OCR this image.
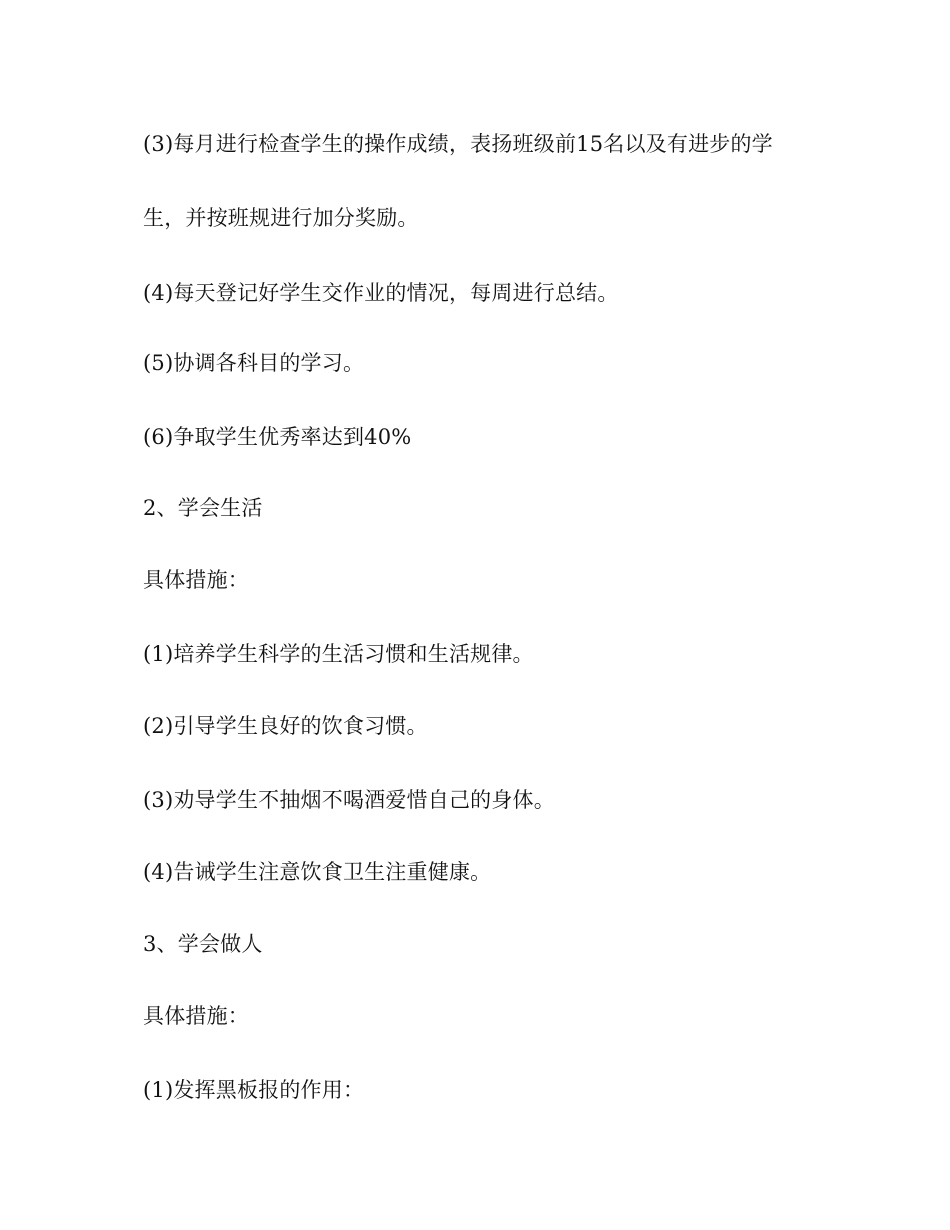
(3)每月进行检查学生的操作成绩，表扬班级前15名以及有进步的学
生，并按班规进行加分奖励。
(4)每天登记好学生交作业的情况，每周进行总结。
(5)协调各科目的学习。
(6)争取学生优秀率达到40%
2、学会生活
具体措施：
(1)培养学生科学的生活习惯和生活规律。
(2)引导学生良好的饮食习惯。
(3)劝导学生不抽烟不喝酒爱惜自己的身体。
(4)告诫学生注意饮食卫生注重健康。
3、学会做人
具体措施：
(1)发挥黑板报的作用：
